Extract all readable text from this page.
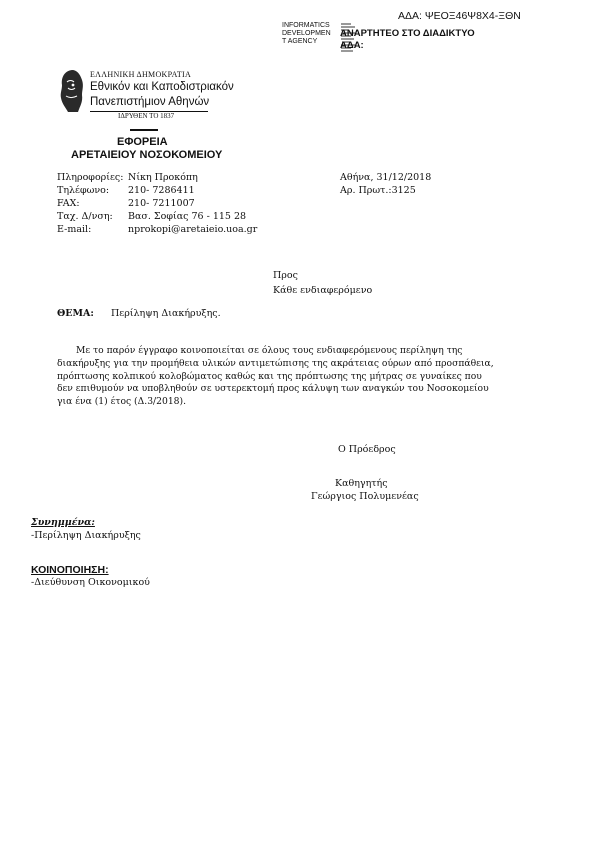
ΑΔΑ: ΨΕΟΞ46Ψ8Χ4-ΞΘΝ
INFORMATICS
DEVELOPMEN
T AGENCY
ΑΝΑΡΤΗΤΕΟ ΣΤΟ ΔΙΑΔΙΚΤΥΟ
ΑΔΑ:
ΕΛΛΗΝΙΚΗ ΔΗΜΟΚΡΑΤΙΑ
Εθνικόν και Καποδιστριακόν
Πανεπιστήμιον Αθηνών
ΙΔΡΥΘΕΝ ΤΟ 1837
ΕΦΟΡΕΙΑ
ΑΡΕΤΑΙΕΙΟΥ ΝΟΣΟΚΟΜΕΙΟΥ
Πληροφορίες: Νίκη Προκόπη
Τηλέφωνο: 210- 7286411
FAX:	210- 7211007
Ταχ. Δ/νση: Βασ. Σοφίας 76 - 115 28
E-mail:	nprokopi@aretaieio.uoa.gr
Αθήνα, 31/12/2018
Αρ. Πρωτ.:3125
Προς
Κάθε ενδιαφερόμενο
ΘΕΜΑ: Περίληψη Διακήρυξης.
Με το παρόν έγγραφο κοινοποιείται σε όλους τους ενδιαφερόμενους περίληψη της
διακήρυξης για την προμήθεια υλικών αντιμετώπισης της ακράτειας ούρων από προσπάθεια,
πρόπτωσης κολπικού κολοβώματος καθώς και της πρόπτωσης της μήτρας σε γυναίκες που
δεν επιθυμούν να υποβληθούν σε υστερεκτομή προς κάλυψη των αναγκών του Νοσοκομείου
για ένα (1) έτος (Δ.3/2018).
Ο Πρόεδρος
Καθηγητής
Γεώργιος Πολυμενέας
Συνημμένα:
-Περίληψη Διακήρυξης
ΚΟΙΝΟΠΟΙΗΣΗ:
-Διεύθυνση Οικονομικού
